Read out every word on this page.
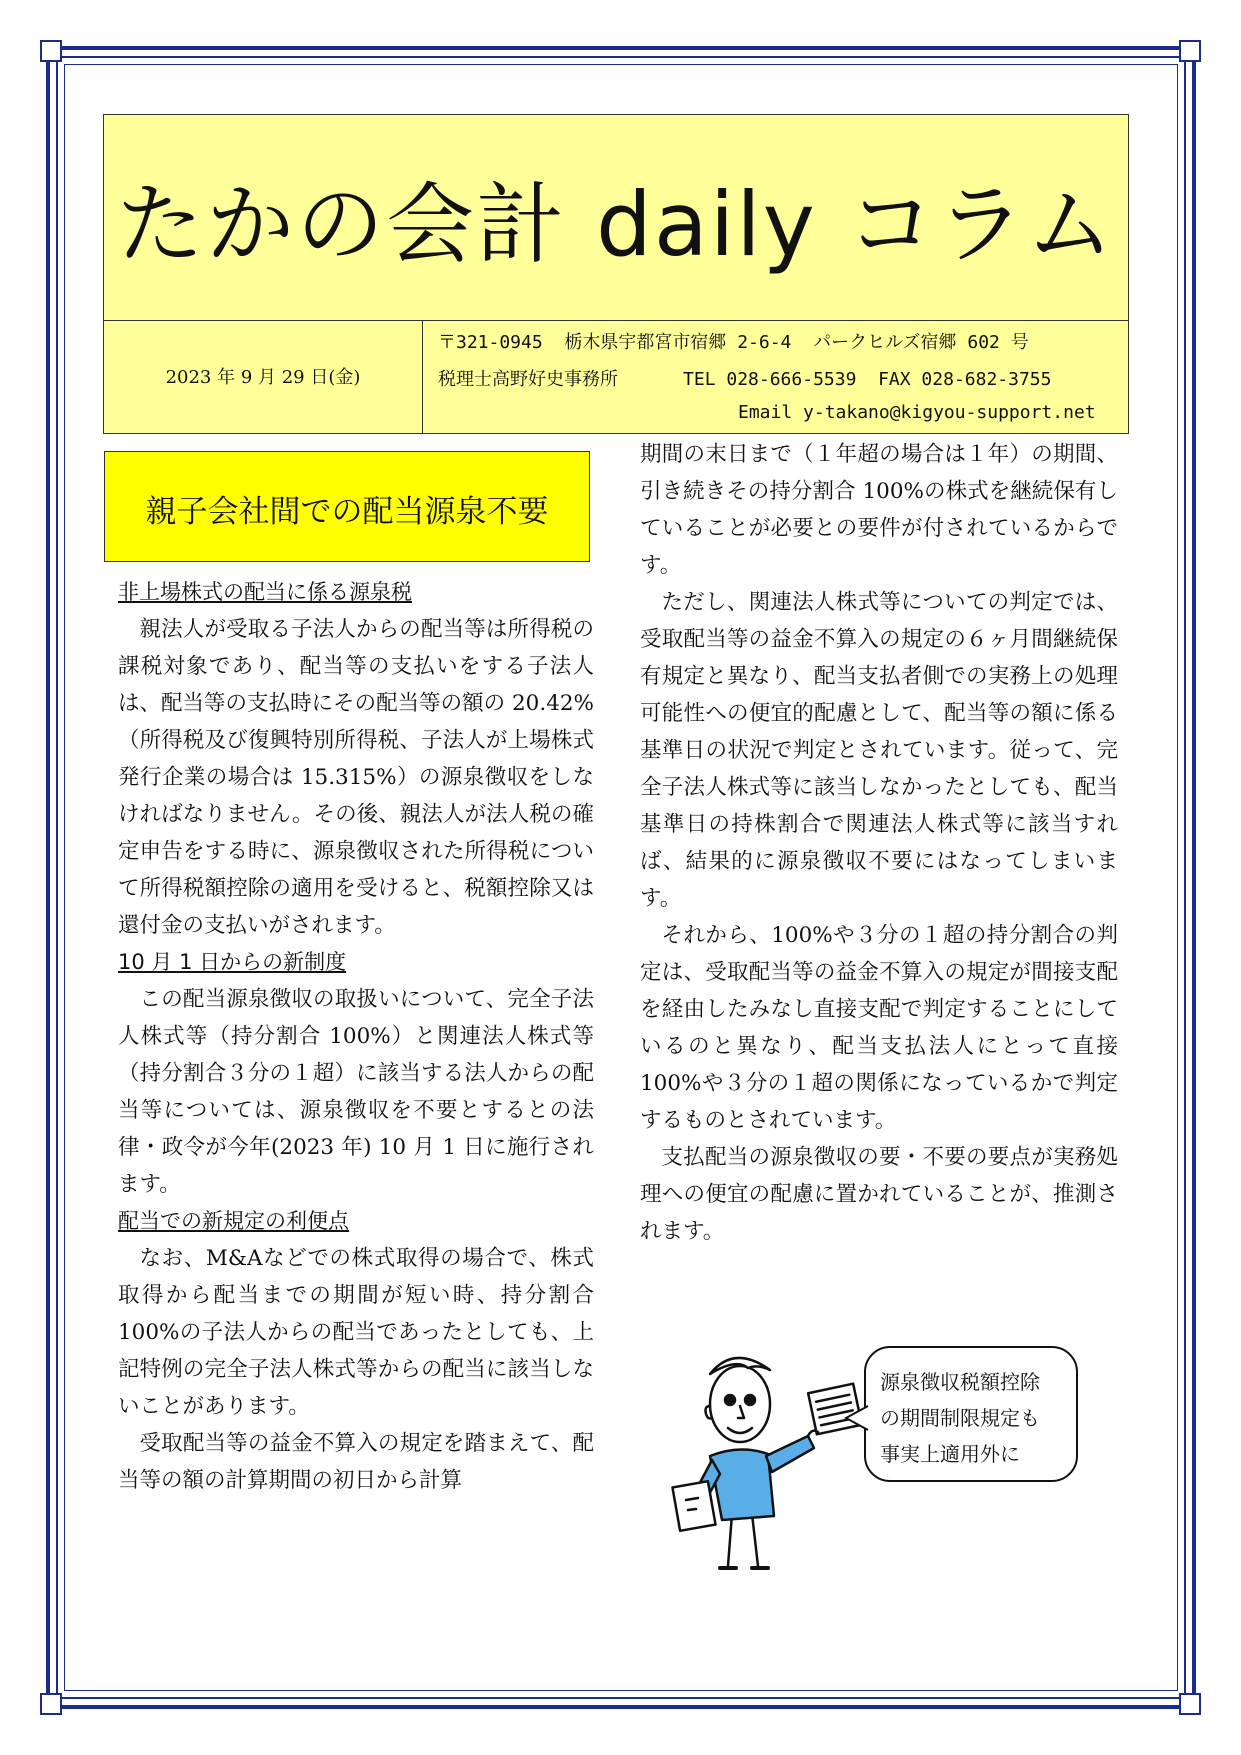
たかの会計 daily コラム
2023 年 9 月 29 日(金)
〒321-0945  栃木県宇都宮市宿郷 2-6-4  パークヒルズ宿郷 602 号
税理士高野好史事務所      TEL 028-666-5539  FAX 028-682-3755
Email y-takano@kigyou-support.net
親子会社間での配当源泉不要
非上場株式の配当に係る源泉税

親法人が受取る子法人からの配当等は所得税の課税対象であり、配当等の支払いをする子法人は、配当等の支払時にその配当等の額の 20.42%（所得税及び復興特別所得税、子法人が上場株式発行企業の場合は 15.315%）の源泉徴収をしなければなりません。その後、親法人が法人税の確定申告をする時に、源泉徴収された所得税について所得税額控除の適用を受けると、税額控除又は還付金の支払いがされます。

10 月 1 日からの新制度

この配当源泉徴収の取扱いについて、完全子法人株式等（持分割合 100%）と関連法人株式等（持分割合３分の１超）に該当する法人からの配当等については、源泉徴収を不要とするとの法律・政令が今年(2023 年) 10 月 1 日に施行されます。

配当での新規定の利便点

なお、M&Aなどでの株式取得の場合で、株式取得から配当までの期間が短い時、持分割合 100%の子法人からの配当であったとしても、上記特例の完全子法人株式等からの配当に該当しないことがあります。

受取配当等の益金不算入の規定を踏まえて、配当等の額の計算期間の初日から計算

期間の末日まで（１年超の場合は１年）の期間、引き続きその持分割合 100%の株式を継続保有していることが必要との要件が付されているからです。

ただし、関連法人株式等についての判定では、受取配当等の益金不算入の規定の６ヶ月間継続保有規定と異なり、配当支払者側での実務上の処理可能性への便宜的配慮として、配当等の額に係る基準日の状況で判定とされています。従って、完全子法人株式等に該当しなかったとしても、配当基準日の持株割合で関連法人株式等に該当すれば、結果的に源泉徴収不要にはなってしまいます。

それから、100%や３分の１超の持分割合の判定は、受取配当等の益金不算入の規定が間接支配を経由したみなし直接支配で判定することにしているのと異なり、配当支払法人にとって直接 100%や３分の１超の関係になっているかで判定するものとされています。

支払配当の源泉徴収の要・不要の要点が実務処理への便宜の配慮に置かれていることが、推測されます。

源泉徴収税額控除
の期間制限規定も
事実上適用外に
